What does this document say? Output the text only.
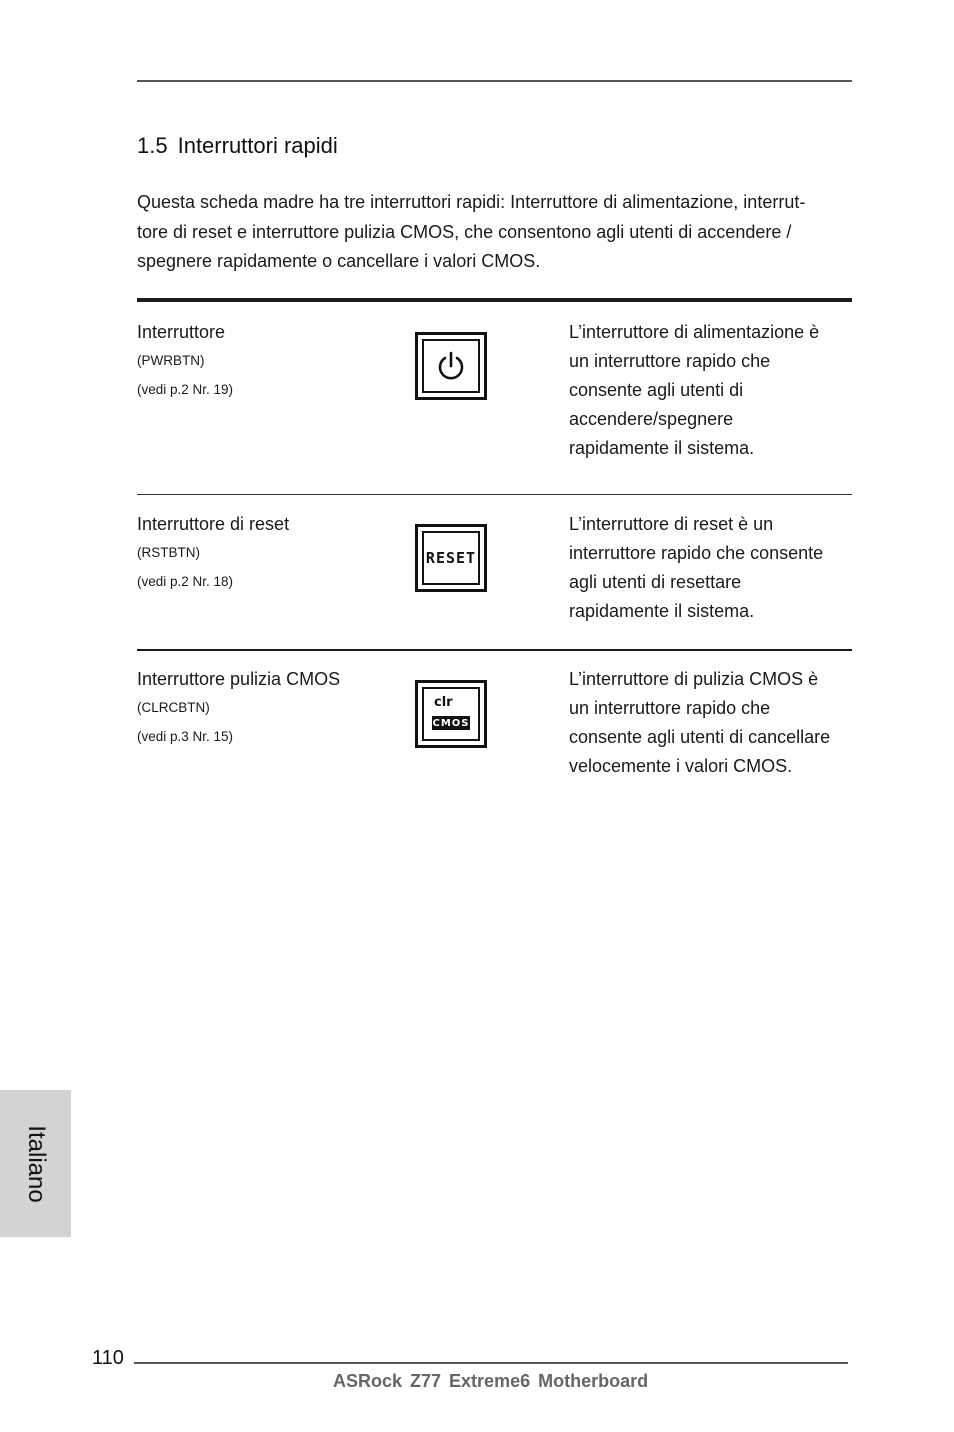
1.5 Interruttori rapidi
Questa scheda madre ha tre interruttori rapidi: Interruttore di alimentazione, interrut-
tore di reset e interruttore pulizia CMOS, che consentono agli utenti di accendere /
spegnere rapidamente o cancellare i valori CMOS.
Interruttore
(PWRBTN)
(vedi p.2 Nr. 19)
L’interruttore di alimentazione è
un interruttore rapido che
consente agli utenti di
accendere/spegnere
rapidamente il sistema.
Interruttore di reset
(RSTBTN)
(vedi p.2 Nr. 18)
RESET
L’interruttore di reset è un
interruttore rapido che consente
agli utenti di resettare
rapidamente il sistema.
Interruttore pulizia CMOS
(CLRCBTN)
(vedi p.3 Nr. 15)
clr
CMOS
L’interruttore di pulizia CMOS è
un interruttore rapido che
consente agli utenti di cancellare
velocemente i valori CMOS.
Italiano
110
ASRock Z77 Extreme6 Motherboard
